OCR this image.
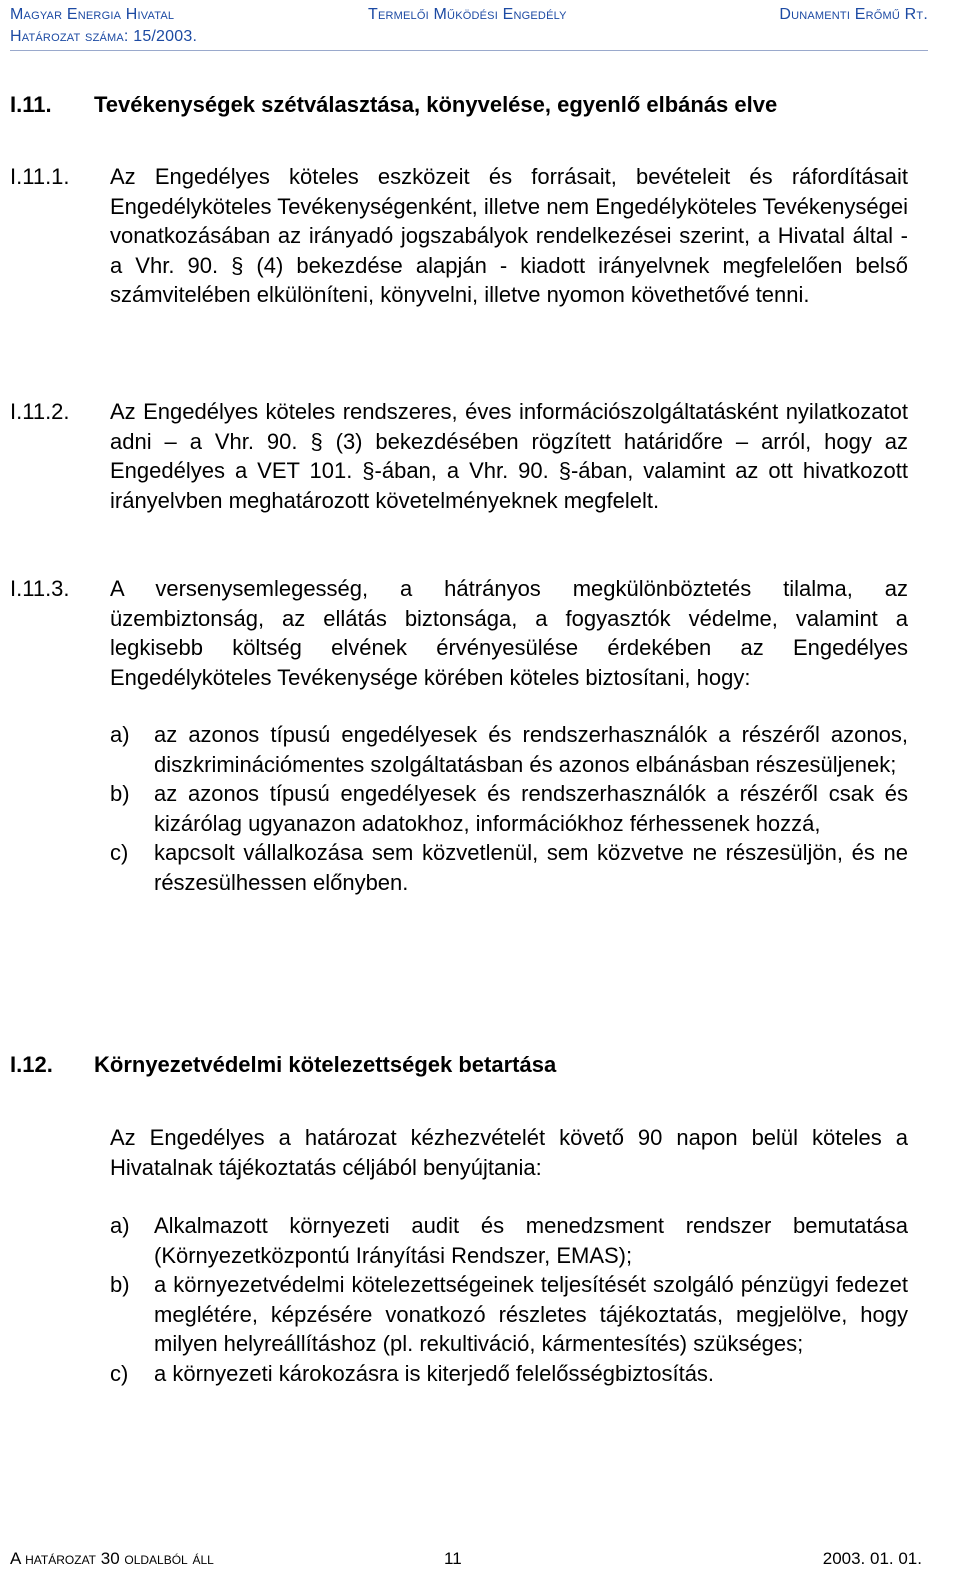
Magyar Energia Hivatal	Termelői Működési Engedély	Dunamenti Erőmű Rt.
Határozat száma: 15/2003.
I.11. Tevékenységek szétválasztása, könyvelése, egyenlő elbánás elve
I.11.1. Az Engedélyes köteles eszközeit és forrásait, bevételeit és ráfordításait Engedélyköteles Tevékenységenként, illetve nem Engedélyköteles Tevékenységei vonatkozásában az irányadó jogszabályok rendelkezései szerint, a Hivatal által - a Vhr. 90. § (4) bekezdése alapján - kiadott irányelvnek megfelelően belső számvitelében elkülöníteni, könyvelni, illetve nyomon követhetővé tenni.
I.11.2. Az Engedélyes köteles rendszeres, éves információszolgáltatásként nyilatkozatot adni – a Vhr. 90. § (3) bekezdésében rögzített határidőre – arról, hogy az Engedélyes a VET 101. §-ában, a Vhr. 90. §-ában, valamint az ott hivatkozott irányelvben meghatározott követelményeknek megfelelt.
I.11.3. A versenysemlegesség, a hátrányos megkülönböztetés tilalma, az üzembiztonság, az ellátás biztonsága, a fogyasztók védelme, valamint a legkisebb költség elvének érvényesülése érdekében az Engedélyes Engedélyköteles Tevékenysége körében köteles biztosítani, hogy:
a) az azonos típusú engedélyesek és rendszerhasználók a részéről azonos, diszkriminációmentes szolgáltatásban és azonos elbánásban részesüljenek;
b) az azonos típusú engedélyesek és rendszerhasználók a részéről csak és kizárólag ugyanazon adatokhoz, információkhoz férhessenek hozzá,
c) kapcsolt vállalkozása sem közvetlenül, sem közvetve ne részesüljön, és ne részesülhessen előnyben.
I.12. Környezetvédelmi kötelezettségek betartása
Az Engedélyes a határozat kézhezvételét követő 90 napon belül köteles a Hivatalnak tájékoztatás céljából benyújtania:
a) Alkalmazott környezeti audit és menedzsment rendszer bemutatása (Környezetközpontú Irányítási Rendszer, EMAS);
b) a környezetvédelmi kötelezettségeinek teljesítését szolgáló pénzügyi fedezet meglétére, képzésére vonatkozó részletes tájékoztatás, megjelölve, hogy milyen helyreállításhoz (pl. rekultiváció, kármentesítés) szükséges;
c) a környezeti károkozásra is kiterjedő felelősségbiztosítás.
A határozat 30 oldalból áll	11	2003. 01. 01.
